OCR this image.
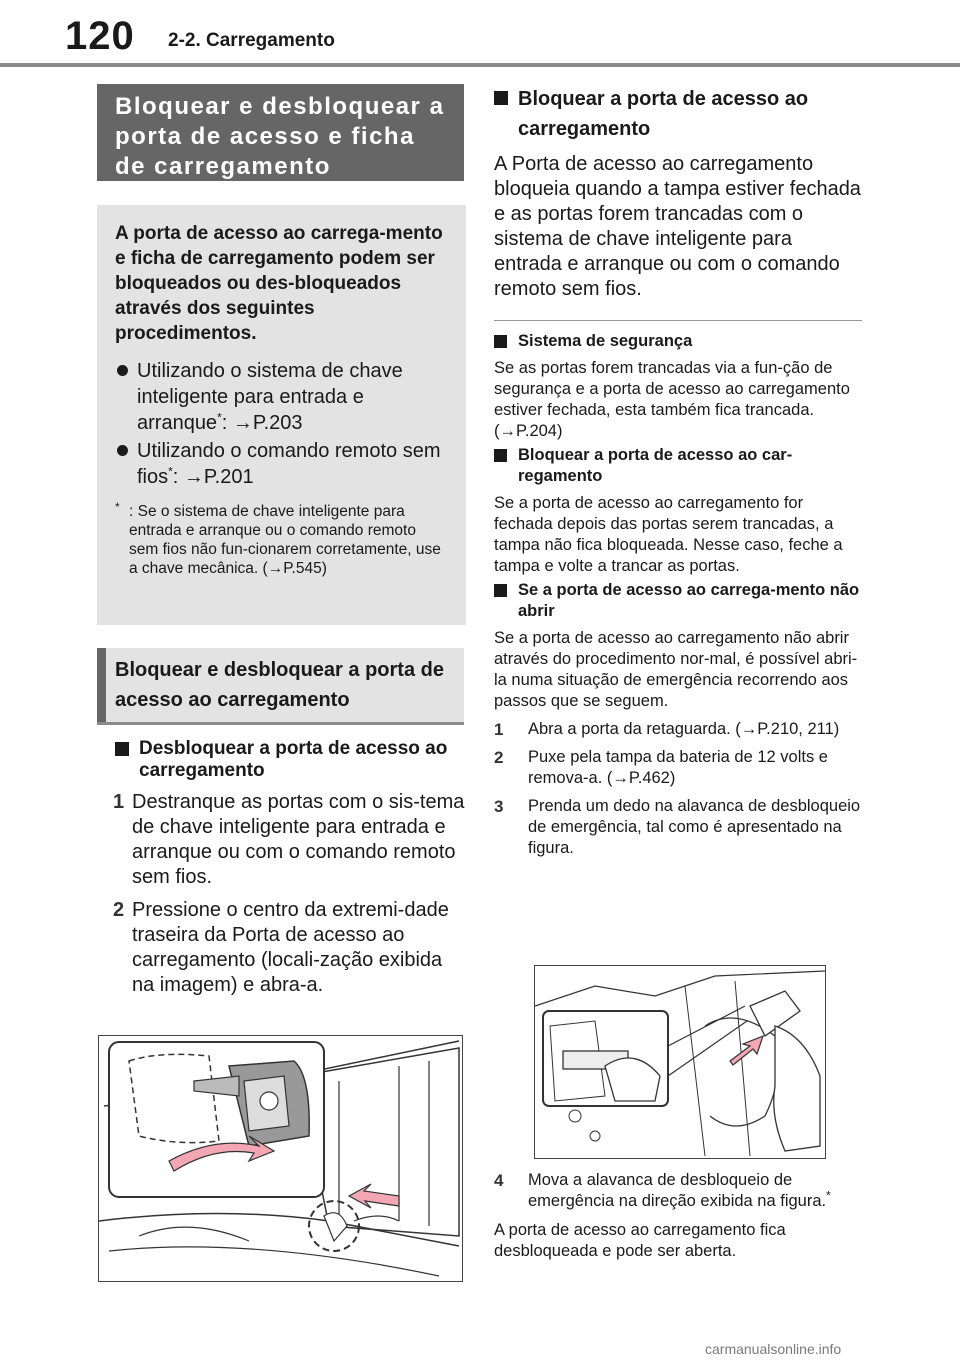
120 2-2. Carregamento
Bloquear e desbloquear a porta de acesso e ficha de carregamento

A porta de acesso ao carrega-mento e ficha de carregamento podem ser bloqueados ou des-bloqueados através dos seguintes procedimentos.

Utilizando o sistema de chave inteligente para entrada e arranque*: →P.203
Utilizando o comando remoto sem fios*: →P.201
* : Se o sistema de chave inteligente para entrada e arranque ou o comando remoto sem fios não fun-cionarem corretamente, use a chave mecânica. (→P.545)
Bloquear e desbloquear a porta de acesso ao carregamento
Desbloquear a porta de acesso ao carregamento
1 Destranque as portas com o sis-tema de chave inteligente para entrada e arranque ou com o comando remoto sem fios.
2 Pressione o centro da extremi-dade traseira da Porta de acesso ao carregamento (locali-zação exibida na imagem) e abra-a.
Bloquear a porta de acesso ao carregamento
A Porta de acesso ao carregamento bloqueia quando a tampa estiver fechada e as portas forem trancadas com o sistema de chave inteligente para entrada e arranque ou com o comando remoto sem fios.
Sistema de segurança
Se as portas forem trancadas via a fun-ção de segurança e a porta de acesso ao carregamento estiver fechada, esta também fica trancada. (→P.204)
Bloquear a porta de acesso ao car-regamento
Se a porta de acesso ao carregamento for fechada depois das portas serem trancadas, a tampa não fica bloqueada. Nesse caso, feche a tampa e volte a trancar as portas.
Se a porta de acesso ao carrega-mento não abrir
Se a porta de acesso ao carregamento não abrir através do procedimento nor-mal, é possível abri-la numa situação de emergência recorrendo aos passos que se seguem.
1 Abra a porta da retaguarda. (→P.210, 211)
2 Puxe pela tampa da bateria de 12 volts e remova-a. (→P.462)
3 Prenda um dedo na alavanca de desbloqueio de emergência, tal como é apresentado na figura.
4 Mova a alavanca de desbloqueio de emergência na direção exibida na figura.*
A porta de acesso ao carregamento fica desbloqueada e pode ser aberta.
carmanualsonline.info
